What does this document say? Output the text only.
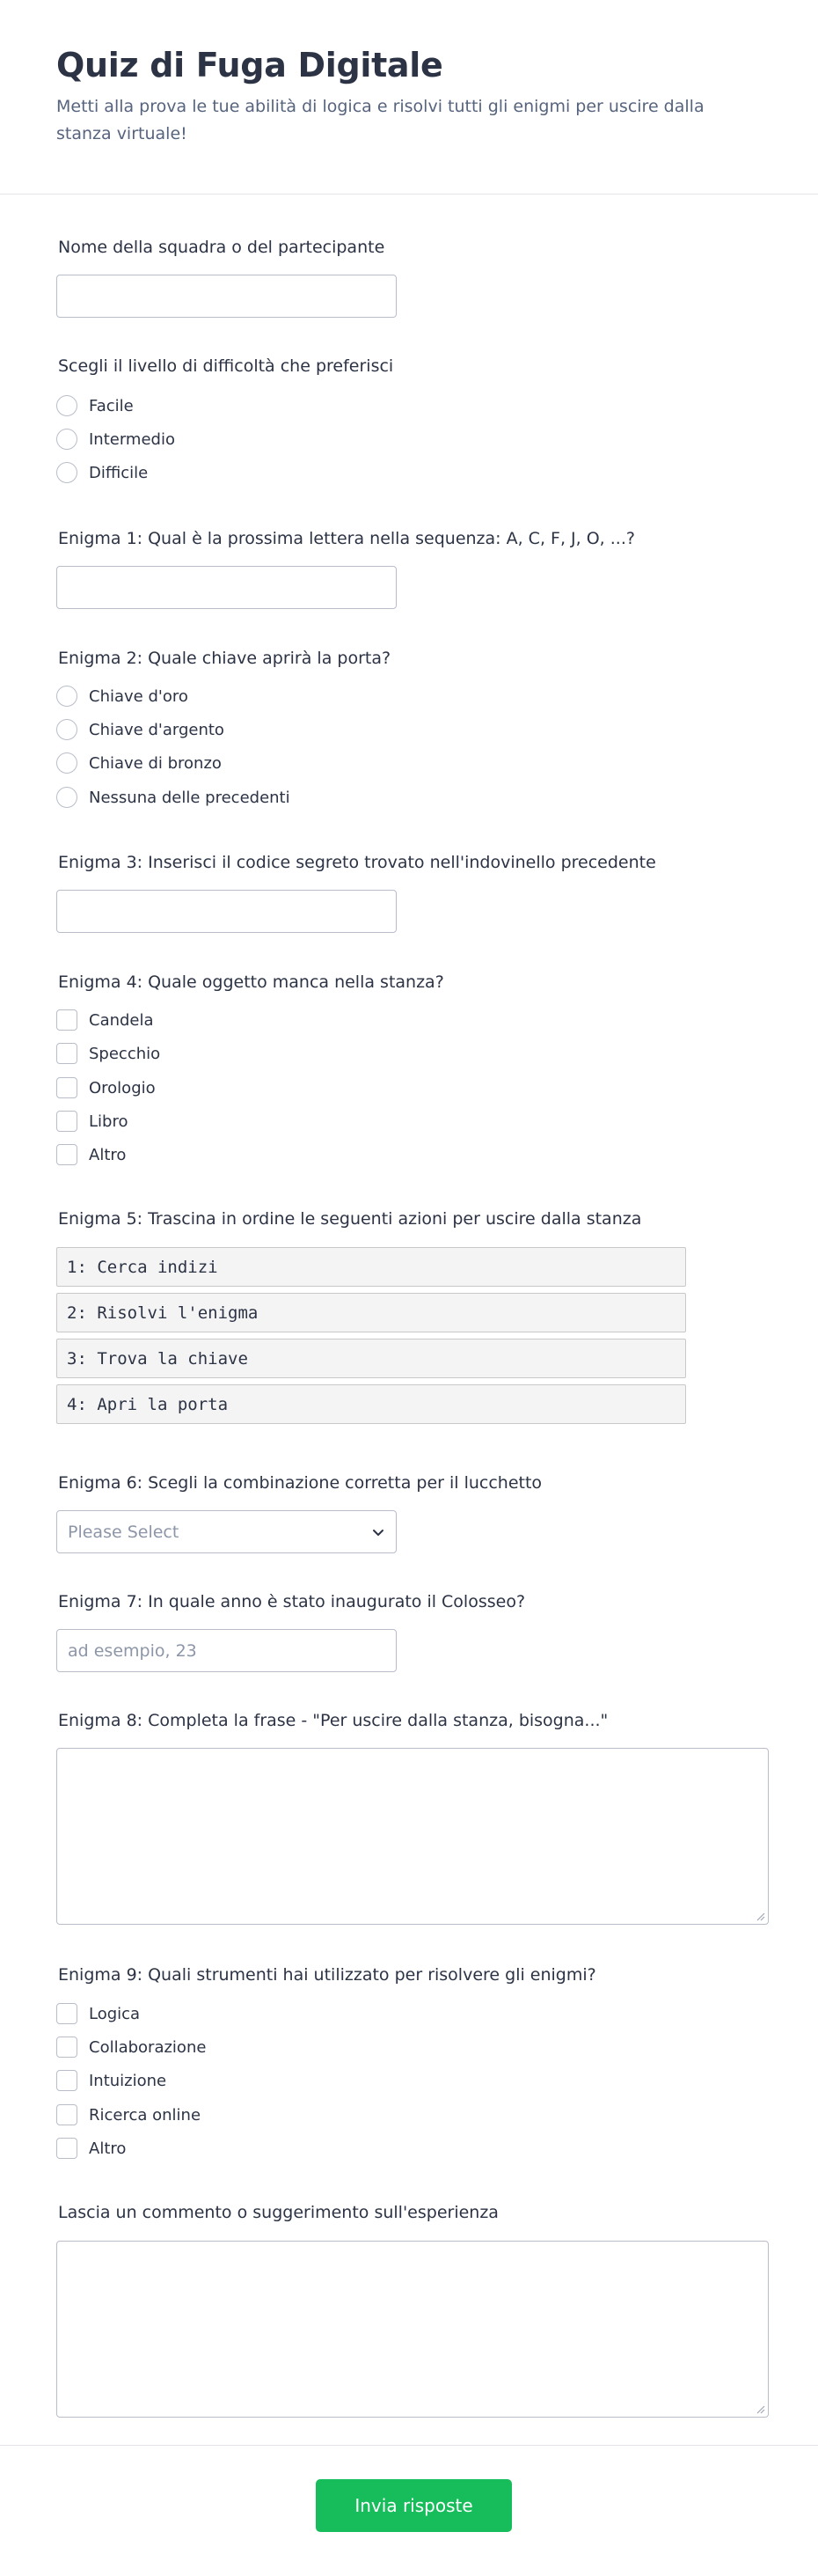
Quiz di Fuga Digitale

Metti alla prova le tue abilità di logica e risolvi tutti gli enigmi per uscire dalla stanza virtuale!

Nome della squadra o del partecipante
Scegli il livello di difficoltà che preferisci
Facile
Intermedio
Difficile
Enigma 1: Qual è la prossima lettera nella sequenza: A, C, F, J, O, ...?
Enigma 2: Quale chiave aprirà la porta?
Chiave d'oro
Chiave d'argento
Chiave di bronzo
Nessuna delle precedenti
Enigma 3: Inserisci il codice segreto trovato nell'indovinello precedente
Enigma 4: Quale oggetto manca nella stanza?
Candela
Specchio
Orologio
Libro
Altro
Enigma 5: Trascina in ordine le seguenti azioni per uscire dalla stanza
1: Cerca indizi
2: Risolvi l'enigma
3: Trova la chiave
4: Apri la porta
Enigma 6: Scegli la combinazione corretta per il lucchetto
Please Select
Enigma 7: In quale anno è stato inaugurato il Colosseo?
ad esempio, 23
Enigma 8: Completa la frase - "Per uscire dalla stanza, bisogna..."
Enigma 9: Quali strumenti hai utilizzato per risolvere gli enigmi?
Logica
Collaborazione
Intuizione
Ricerca online
Altro
Lascia un commento o suggerimento sull'esperienza
Invia risposte
